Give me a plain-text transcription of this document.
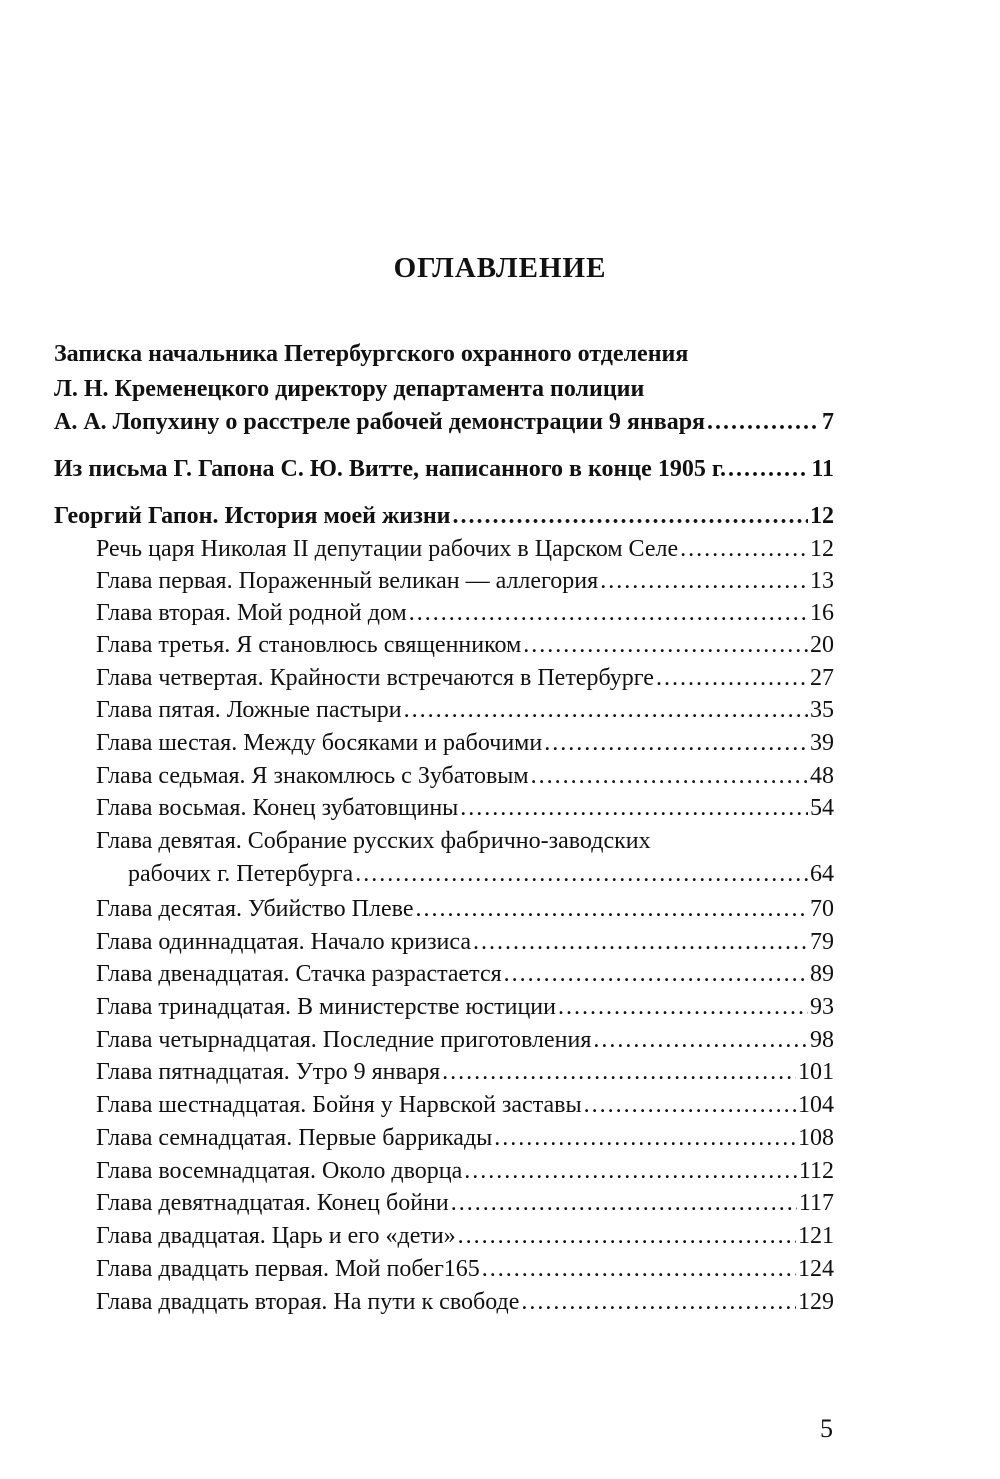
ОГЛАВЛЕНИЕ
Записка начальника Петербургского охранного отделения
Л. Н. Кременецкого директору департамента полиции
А. А. Лопухину о расстреле рабочей демонстрации 9 января .....	7
Из письма Г. Гапона С. Ю. Витте, написанного в конце 1905 г. .....	11
Георгий Гапон. История моей жизни .....	12
Речь царя Николая II депутации рабочих в Царском Селе .....	12
Глава первая. Пораженный великан — аллегория .....	13
Глава вторая. Мой родной дом .....	16
Глава третья. Я становлюсь священником .....	20
Глава четвертая. Крайности встречаются в Петербурге .....	27
Глава пятая. Ложные пастыри .....	35
Глава шестая. Между босяками и рабочими .....	39
Глава седьмая. Я знакомлюсь с Зубатовым .....	48
Глава восьмая. Конец зубатовщины .....	54
Глава девятая. Собрание русских фабрично-заводских
рабочих г. Петербурга .....	64
Глава десятая. Убийство Плеве .....	70
Глава одиннадцатая. Начало кризиса .....	79
Глава двенадцатая. Стачка разрастается .....	89
Глава тринадцатая. В министерстве юстиции .....	93
Глава четырнадцатая. Последние приготовления .....	98
Глава пятнадцатая. Утро 9 января .....	101
Глава шестнадцатая. Бойня у Нарвской заставы .....	104
Глава семнадцатая. Первые баррикады .....	108
Глава восемнадцатая. Около дворца .....	112
Глава девятнадцатая. Конец бойни .....	117
Глава двадцатая. Царь и его «дети» .....	121
Глава двадцать первая. Мой побег165 .....	124
Глава двадцать вторая. На пути к свободе .....	129
5
